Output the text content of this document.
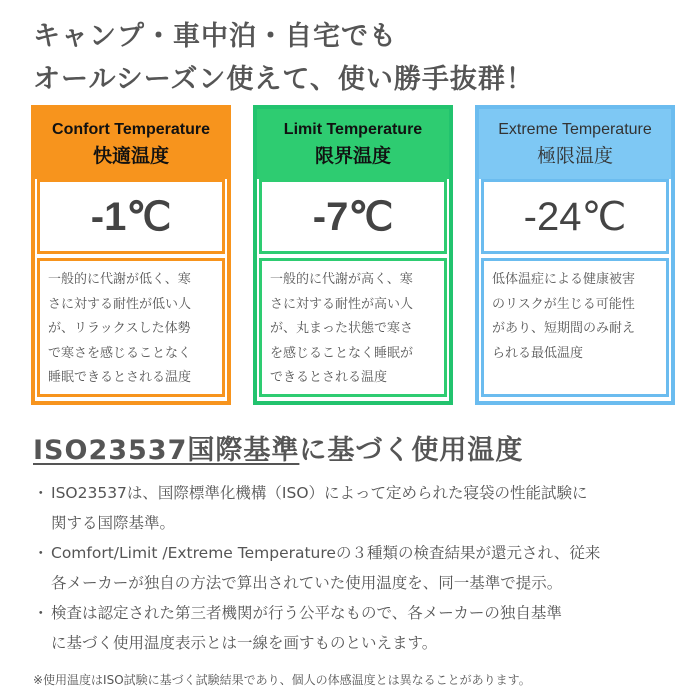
キャンプ・車中泊・自宅でも
オールシーズン使えて、使い勝手抜群！
Confort Temperature
快適温度
-1℃

一般的に代謝が低く、寒

さに対する耐性が低い人

が、リラックスした体勢

で寒さを感じることなく

睡眠できるとされる温度

Limit Temperature
限界温度
-7℃

一般的に代謝が高く、寒

さに対する耐性が高い人

が、丸まった状態で寒さ

を感じることなく睡眠が

できるとされる温度

Extreme Temperature
極限温度
-24℃

低体温症による健康被害

のリスクが生じる可能性

があり、短期間のみ耐え

られる最低温度

ISO23537国際基準に基づく使用温度
・ ISO23537は、国際標準化機構（ISO）によって定められた寝袋の性能試験に

関する国際基準。

・ Comfort/Limit /Extreme Temperatureの３種類の検査結果が還元され、従来

各メーカーが独自の方法で算出されていた使用温度を、同一基準で提示。

・ 検査は認定された第三者機関が行う公平なもので、各メーカーの独自基準

に基づく使用温度表示とは一線を画すものといえます。

※使用温度はISO試験に基づく試験結果であり、個人の体感温度とは異なることがあります。
